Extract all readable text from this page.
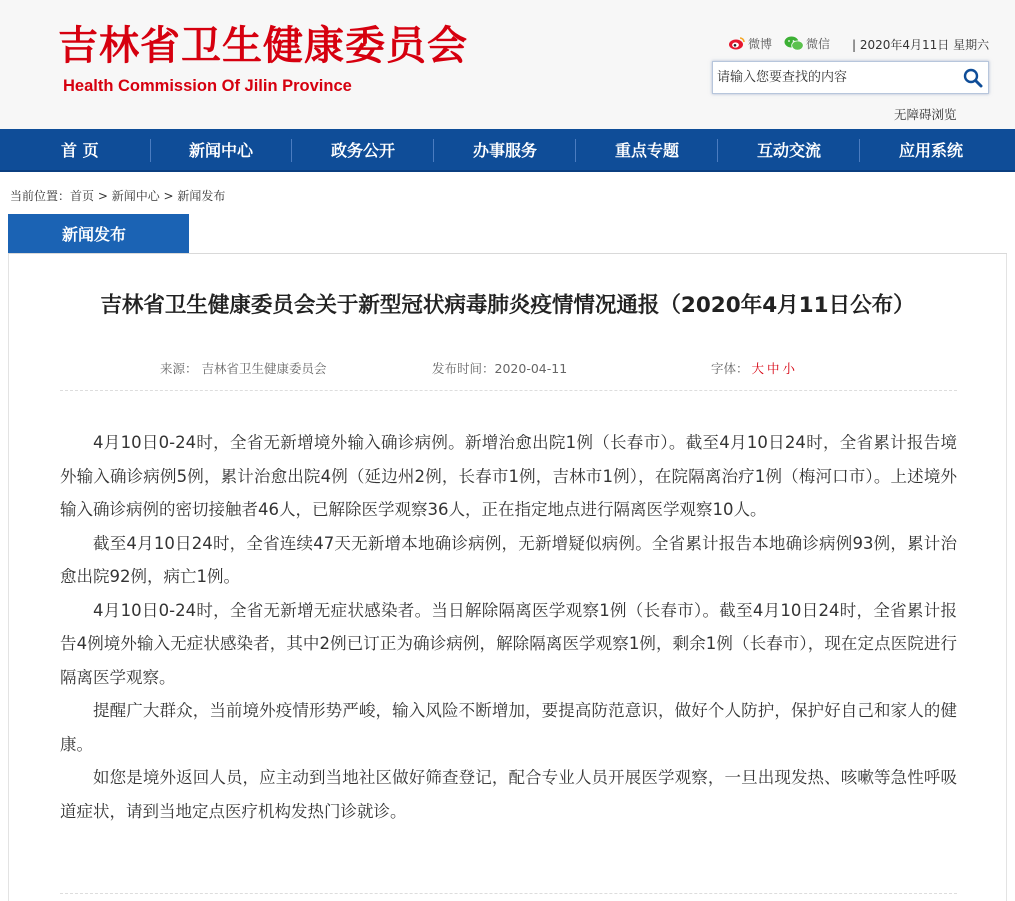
吉林省卫生健康委员会
Health Commission Of Jilin Province
微博	微信 | 2020年4月11日 星期六
请输入您要查找的内容
无障碍浏览
首 页	新闻中心	政务公开	办事服务	重点专题	互动交流	应用系统
当前位置：首页 > 新闻中心 > 新闻发布
新闻发布
吉林省卫生健康委员会关于新型冠状病毒肺炎疫情情况通报（2020年4月11日公布）
来源： 吉林省卫生健康委员会	发布时间：2020-04-11	字体： 大 中 小

4月10日0-24时，全省无新增境外输入确诊病例。新增治愈出院1例（长春市）。截至4月10日24时，全省累计报告境外输入确诊病例5例，累计治愈出院4例（延边州2例，长春市1例，吉林市1例），在院隔离治疗1例（梅河口市）。上述境外输入确诊病例的密切接触者46人，已解除医学观察36人，正在指定地点进行隔离医学观察10人。

截至4月10日24时，全省连续47天无新增本地确诊病例，无新增疑似病例。全省累计报告本地确诊病例93例，累计治愈出院92例，病亡1例。

4月10日0-24时，全省无新增无症状感染者。当日解除隔离医学观察1例（长春市）。截至4月10日24时，全省累计报告4例境外输入无症状感染者，其中2例已订正为确诊病例，解除隔离医学观察1例，剩余1例（长春市），现在定点医院进行隔离医学观察。

提醒广大群众，当前境外疫情形势严峻，输入风险不断增加，要提高防范意识，做好个人防护，保护好自己和家人的健康。

如您是境外返回人员，应主动到当地社区做好筛查登记，配合专业人员开展医学观察，一旦出现发热、咳嗽等急性呼吸道症状，请到当地定点医疗机构发热门诊就诊。
